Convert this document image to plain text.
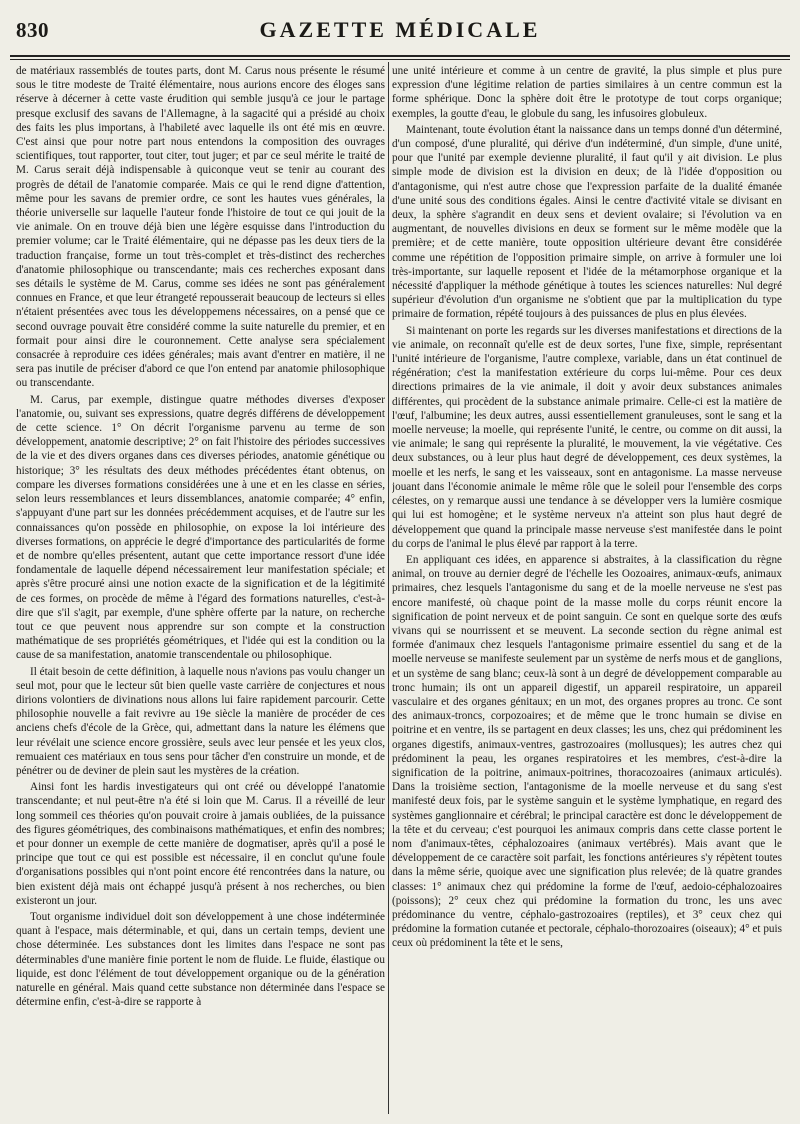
830	GAZETTE MÉDICALE

de matériaux rassemblés de toutes parts, dont M. Carus nous présente le résumé sous le titre modeste de Traité élémentaire, nous aurions encore des éloges sans réserve à décerner à cette vaste érudition qui semble jusqu'à ce jour le partage presque exclusif des savans de l'Allemagne, à la sagacité qui a présidé au choix des faits les plus importans, à l'habileté avec laquelle ils ont été mis en œuvre. C'est ainsi que pour notre part nous entendons la composition des ouvrages scientifiques, tout rapporter, tout citer, tout juger; et par ce seul mérite le traité de M. Carus serait déjà indispensable à quiconque veut se tenir au courant des progrès de détail de l'anatomie comparée. Mais ce qui le rend digne d'attention, même pour les savans de premier ordre, ce sont les hautes vues générales, la théorie universelle sur laquelle l'auteur fonde l'histoire de tout ce qui jouit de la vie animale. On en trouve déjà bien une légère esquisse dans l'introduction du premier volume; car le Traité élémentaire, qui ne dépasse pas les deux tiers de la traduction française, forme un tout très-complet et très-distinct des recherches d'anatomie philosophique ou transcendante; mais ces recherches exposant dans ses détails le système de M. Carus, comme ses idées ne sont pas généralement connues en France, et que leur étrangeté repousserait beaucoup de lecteurs si elles n'étaient présentées avec tous les développemens nécessaires, on a pensé que ce second ouvrage pouvait être considéré comme la suite naturelle du premier, et en formait pour ainsi dire le couronnement. Cette analyse sera spécialement consacrée à reproduire ces idées générales; mais avant d'entrer en matière, il ne sera pas inutile de préciser d'abord ce que l'on entend par anatomie philosophique ou transcendante.

M. Carus, par exemple, distingue quatre méthodes diverses d'exposer l'anatomie, ou, suivant ses expressions, quatre degrés différens de développement de cette science. 1° On décrit l'organisme parvenu au terme de son développement, anatomie descriptive; 2° on fait l'histoire des périodes successives de la vie et des divers organes dans ces diverses périodes, anatomie génétique ou historique; 3° les résultats des deux méthodes précédentes étant obtenus, on compare les diverses formations considérées une à une et en les classe en séries, selon leurs ressemblances et leurs dissemblances, anatomie comparée; 4° enfin, s'appuyant d'une part sur les données précédemment acquises, et de l'autre sur les connaissances qu'on possède en philosophie, on expose la loi intérieure des diverses formations, on apprécie le degré d'importance des particularités de forme et de nombre qu'elles présentent, autant que cette importance ressort d'une idée fondamentale de laquelle dépend nécessairement leur manifestation spéciale; et après s'être procuré ainsi une notion exacte de la signification et de la légitimité de ces formes, on procède de même à l'égard des formations naturelles, c'est-à-dire que s'il s'agit, par exemple, d'une sphère offerte par la nature, on recherche tout ce que peuvent nous apprendre sur son compte et la construction mathématique de ses propriétés géométriques, et l'idée qui est la condition ou la cause de sa manifestation, anatomie transcendentale ou philosophique.

Il était besoin de cette définition, à laquelle nous n'avions pas voulu changer un seul mot, pour que le lecteur sût bien quelle vaste carrière de conjectures et nous dirions volontiers de divinations nous allons lui faire rapidement parcourir. Cette philosophie nouvelle a fait revivre au 19e siècle la manière de procéder de ces anciens chefs d'école de la Grèce, qui, admettant dans la nature les élémens que leur révélait une science encore grossière, seuls avec leur pensée et les yeux clos, remuaient ces matériaux en tous sens pour tâcher d'en construire un monde, et de pénétrer ou de deviner de plein saut les mystères de la création.

Ainsi font les hardis investigateurs qui ont créé ou développé l'anatomie transcendante; et nul peut-être n'a été si loin que M. Carus. Il a réveillé de leur long sommeil ces théories qu'on pouvait croire à jamais oubliées, de la puissance des figures géométriques, des combinaisons mathématiques, et enfin des nombres; et pour donner un exemple de cette manière de dogmatiser, après qu'il a posé le principe que tout ce qui est possible est nécessaire, il en conclut qu'une foule d'organisations possibles qui n'ont point encore été rencontrées dans la nature, ou bien existent déjà mais ont échappé jusqu'à présent à nos recherches, ou bien existeront un jour.

Tout organisme individuel doit son développement à une chose indéterminée quant à l'espace, mais déterminable, et qui, dans un certain temps, devient une chose déterminée. Les substances dont les limites dans l'espace ne sont pas déterminables d'une manière finie portent le nom de fluide. Le fluide, élastique ou liquide, est donc l'élément de tout développement organique ou de la génération naturelle en général. Mais quand cette substance non déterminée dans l'espace se détermine enfin, c'est-à-dire se rapporte à

une unité intérieure et comme à un centre de gravité, la plus simple et plus pure expression d'une légitime relation de parties similaires à un centre commun est la forme sphérique. Donc la sphère doit être le prototype de tout corps organique; exemples, la goutte d'eau, le globule du sang, les infusoires globuleux.

Maintenant, toute évolution étant la naissance dans un temps donné d'un déterminé, d'un composé, d'une pluralité, qui dérive d'un indéterminé, d'un simple, d'une unité, pour que l'unité par exemple devienne pluralité, il faut qu'il y ait division. Le plus simple mode de division est la division en deux; de là l'idée d'opposition ou d'antagonisme, qui n'est autre chose que l'expression parfaite de la dualité émanée d'une unité sous des conditions égales. Ainsi le centre d'activité vitale se divisant en deux, la sphère s'agrandit en deux sens et devient ovalaire; si l'évolution va en augmentant, de nouvelles divisions en deux se forment sur le même modèle que la première; et de cette manière, toute opposition ultérieure devant être considérée comme une répétition de l'opposition primaire simple, on arrive à formuler une loi très-importante, sur laquelle reposent et l'idée de la métamorphose organique et la nécessité d'appliquer la méthode génétique à toutes les sciences naturelles: Nul degré supérieur d'évolution d'un organisme ne s'obtient que par la multiplication du type primaire de formation, répété toujours à des puissances de plus en plus élevées.

Si maintenant on porte les regards sur les diverses manifestations et directions de la vie animale, on reconnaît qu'elle est de deux sortes, l'une fixe, simple, représentant l'unité intérieure de l'organisme, l'autre complexe, variable, dans un état continuel de régénération; c'est la manifestation extérieure du corps lui-même. Pour ces deux directions primaires de la vie animale, il doit y avoir deux substances animales différentes, qui procèdent de la substance animale primaire. Celle-ci est la matière de l'œuf, l'albumine; les deux autres, aussi essentiellement granuleuses, sont le sang et la moelle nerveuse; la moelle, qui représente l'unité, le centre, ou comme on dit aussi, la vie animale; le sang qui représente la pluralité, le mouvement, la vie végétative. Ces deux substances, ou à leur plus haut degré de développement, ces deux systèmes, la moelle et les nerfs, le sang et les vaisseaux, sont en antagonisme. La masse nerveuse jouant dans l'économie animale le même rôle que le soleil pour l'ensemble des corps célestes, on y remarque aussi une tendance à se développer vers la lumière cosmique qui lui est homogène; et le système nerveux n'a atteint son plus haut degré de développement que quand la principale masse nerveuse s'est manifestée dans le point du corps de l'animal le plus élevé par rapport à la terre.

En appliquant ces idées, en apparence si abstraites, à la classification du règne animal, on trouve au dernier degré de l'échelle les Oozoaires, animaux-œufs, animaux primaires, chez lesquels l'antagonisme du sang et de la moelle nerveuse ne s'est pas encore manifesté, où chaque point de la masse molle du corps réunit encore la signification de point nerveux et de point sanguin. Ce sont en quelque sorte des œufs vivans qui se nourrissent et se meuvent. La seconde section du règne animal est formée d'animaux chez lesquels l'antagonisme primaire essentiel du sang et de la moelle nerveuse se manifeste seulement par un système de nerfs mous et de ganglions, et un système de sang blanc; ceux-là sont à un degré de développement comparable au tronc humain; ils ont un appareil digestif, un appareil respiratoire, un appareil vasculaire et des organes génitaux; en un mot, des organes propres au tronc. Ce sont des animaux-troncs, corpozoaires; et de même que le tronc humain se divise en poitrine et en ventre, ils se partagent en deux classes; les uns, chez qui prédominent les organes digestifs, animaux-ventres, gastrozoaires (mollusques); les autres chez qui prédominent la peau, les organes respiratoires et les membres, c'est-à-dire la signification de la poitrine, animaux-poitrines, thoracozoaires (animaux articulés). Dans la troisième section, l'antagonisme de la moelle nerveuse et du sang s'est manifesté deux fois, par le système sanguin et le système lymphatique, en regard des systèmes ganglionnaire et cérébral; le principal caractère est donc le développement de la tête et du cerveau; c'est pourquoi les animaux compris dans cette classe portent le nom d'animaux-têtes, céphalozoaires (animaux vertébrés). Mais avant que le développement de ce caractère soit parfait, les fonctions antérieures s'y répètent toutes dans la même série, quoique avec une signification plus relevée; de là quatre grandes classes: 1° animaux chez qui prédomine la forme de l'œuf, aedoio-céphalozoaires (poissons); 2° ceux chez qui prédomine la formation du tronc, les uns avec prédominance du ventre, céphalo-gastrozoaires (reptiles), et 3° ceux chez qui prédomine la formation cutanée et pectorale, céphalo-thorozoaires (oiseaux); 4° et puis ceux où prédominent la tête et le sens,
